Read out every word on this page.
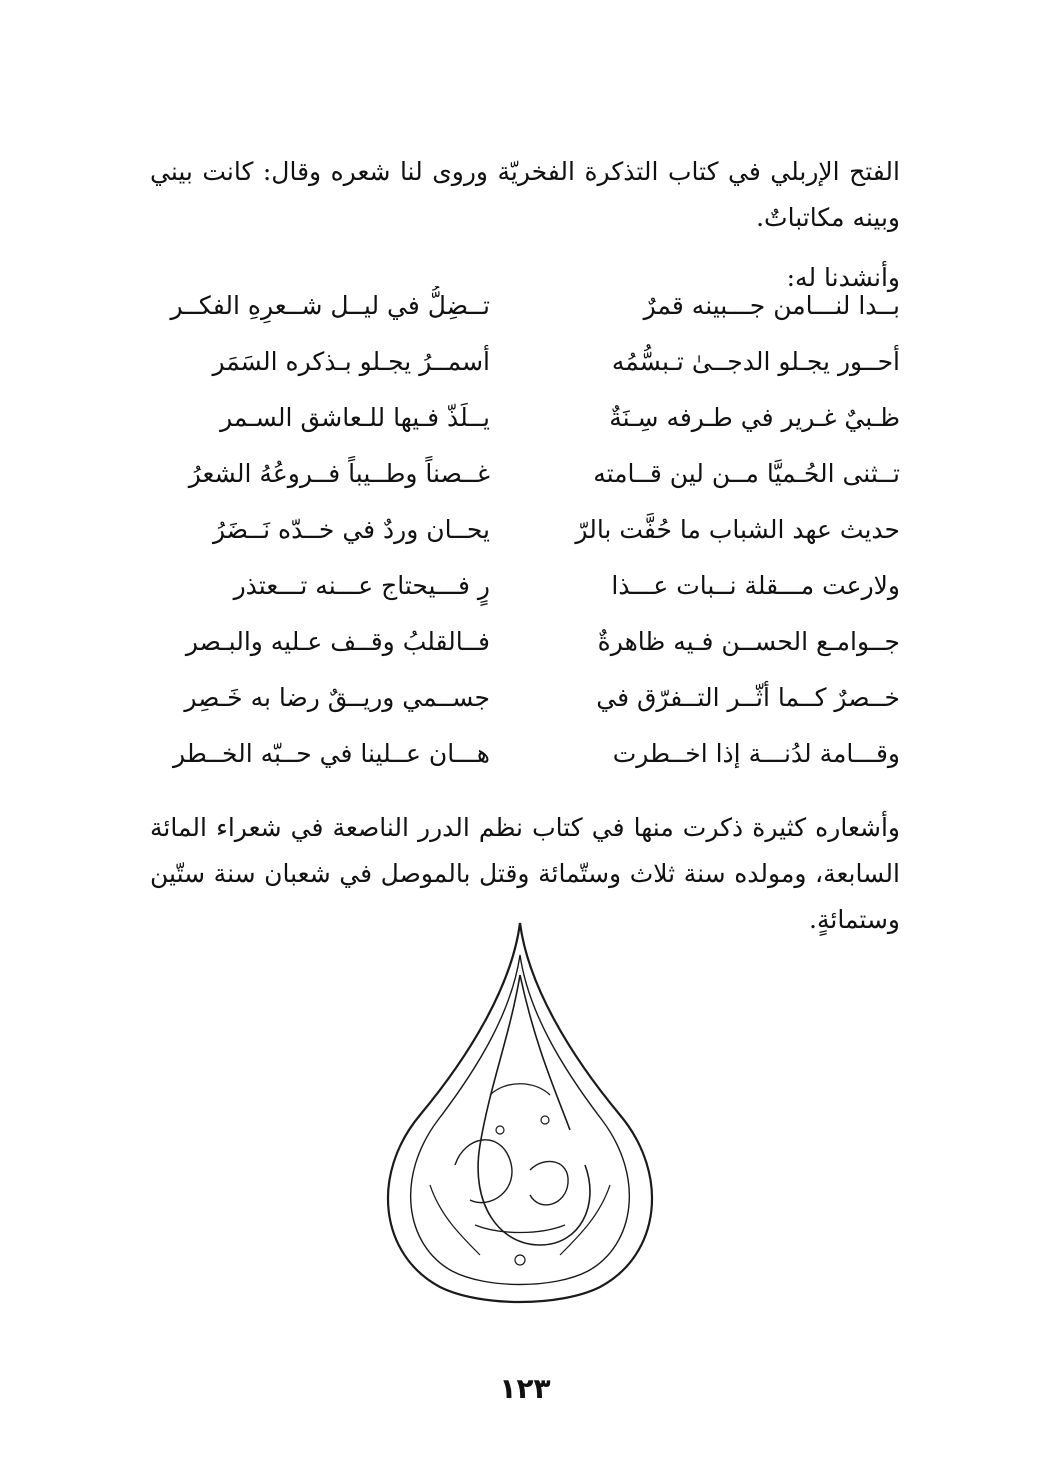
الفتح الإربلي في كتاب التذكرة الفخريّة وروى لنا شعره وقال: كانت بيني وبينه مكاتباتٌ.

وأنشدنا له:

بــدا لنـــامن جـــبينه قمرٌ
تــضِلُّ في ليــل شــعرِهِ الفكــر
أحــور يجـلو الدجــىٰ تـبسُّمُه
أسمــرُ يجـلو بـذكره السَمَر
ظـبيٌ غـرير في طـرفه سِـنَةٌ
يــلَذّ فـيها للـعاشق السـمر
تــثنى الحُـميَّا مــن لين قــامته
غــصناً وطــيباً فــروعُهُ الشعرُ
حديث عهد الشباب ما حُفَّت بالرّ
يحــان وردٌ في خــدّه نَــضَرُ
ولارعت مـــقلة نــبات عـــذا
رٍ فـــيحتاج عـــنه تـــعتذر
جــوامـع الحســن فـيه ظاهرةٌ
فــالقلبُ وقــف عـليه والبـصر
خــصرٌ كــما أثّــر التــفرّق في
جســمي وريــقٌ رضا به خَـصِر
وقـــامة لدُنـــة إذا اخــطرت
هـــان عــلينا في حــبّه الخــطر

وأشعاره كثيرة ذكرت منها في كتاب نظم الدرر الناصعة في شعراء المائة السابعة، ومولده سنة ثلاث وستّمائة وقتل بالموصل في شعبان سنة ستّين وستمائةٍ.

١٢٣
